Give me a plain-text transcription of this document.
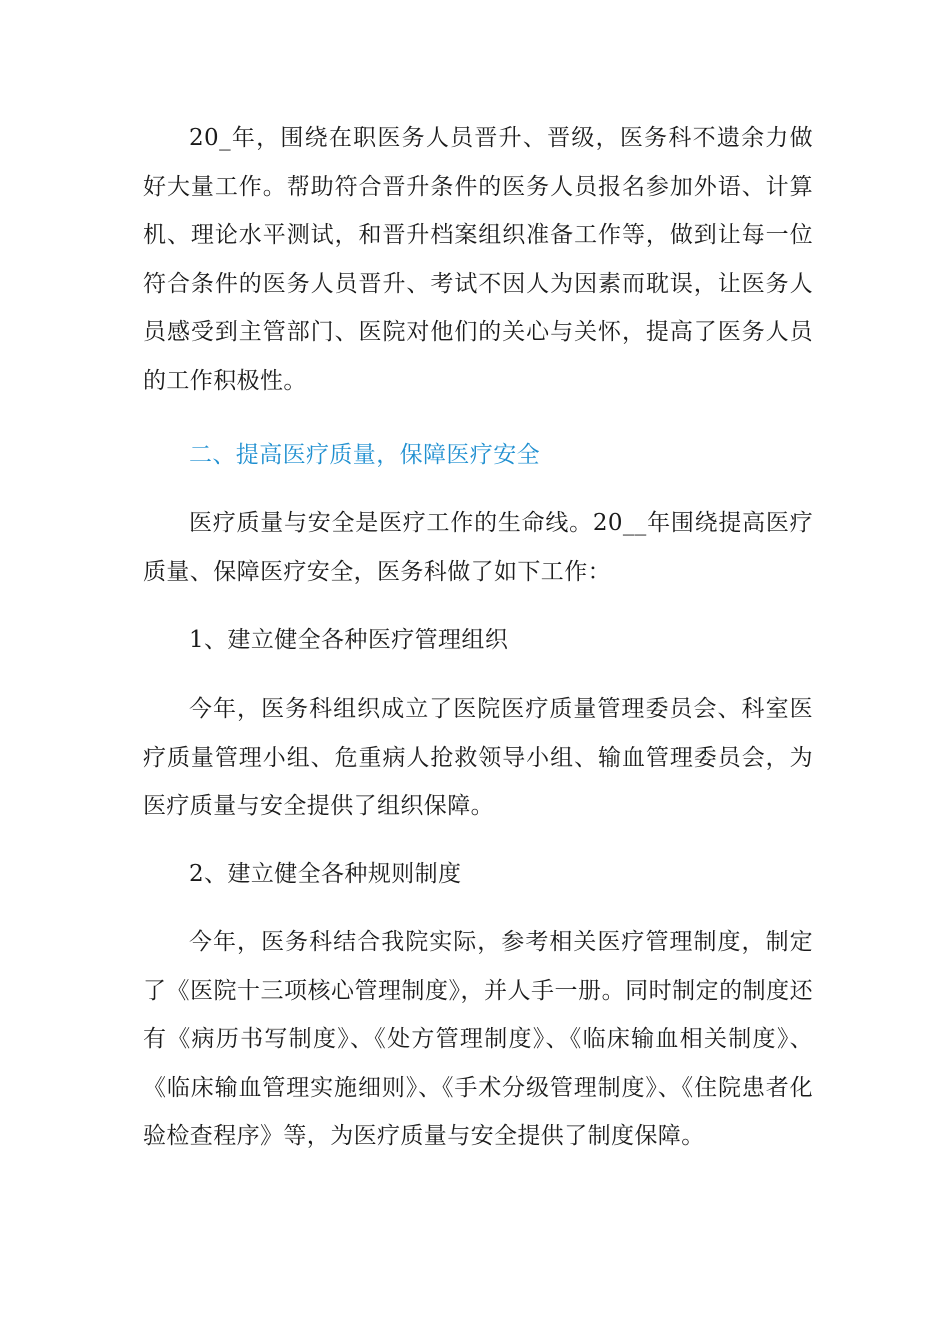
20_年，围绕在职医务人员晋升、晋级，医务科不遗余力做好大量工作。帮助符合晋升条件的医务人员报名参加外语、计算机、理论水平测试，和晋升档案组织准备工作等，做到让每一位符合条件的医务人员晋升、考试不因人为因素而耽误，让医务人员感受到主管部门、医院对他们的关心与关怀，提高了医务人员的工作积极性。

二、提高医疗质量，保障医疗安全

医疗质量与安全是医疗工作的生命线。20__年围绕提高医疗质量、保障医疗安全，医务科做了如下工作：

1、建立健全各种医疗管理组织

今年，医务科组织成立了医院医疗质量管理委员会、科室医疗质量管理小组、危重病人抢救领导小组、输血管理委员会，为医疗质量与安全提供了组织保障。

2、建立健全各种规则制度

今年，医务科结合我院实际，参考相关医疗管理制度，制定了《医院十三项核心管理制度》，并人手一册。同时制定的制度还有《病历书写制度》、《处方管理制度》、《临床输血相关制度》、《临床输血管理实施细则》、《手术分级管理制度》、《住院患者化验检查程序》等，为医疗质量与安全提供了制度保障。
